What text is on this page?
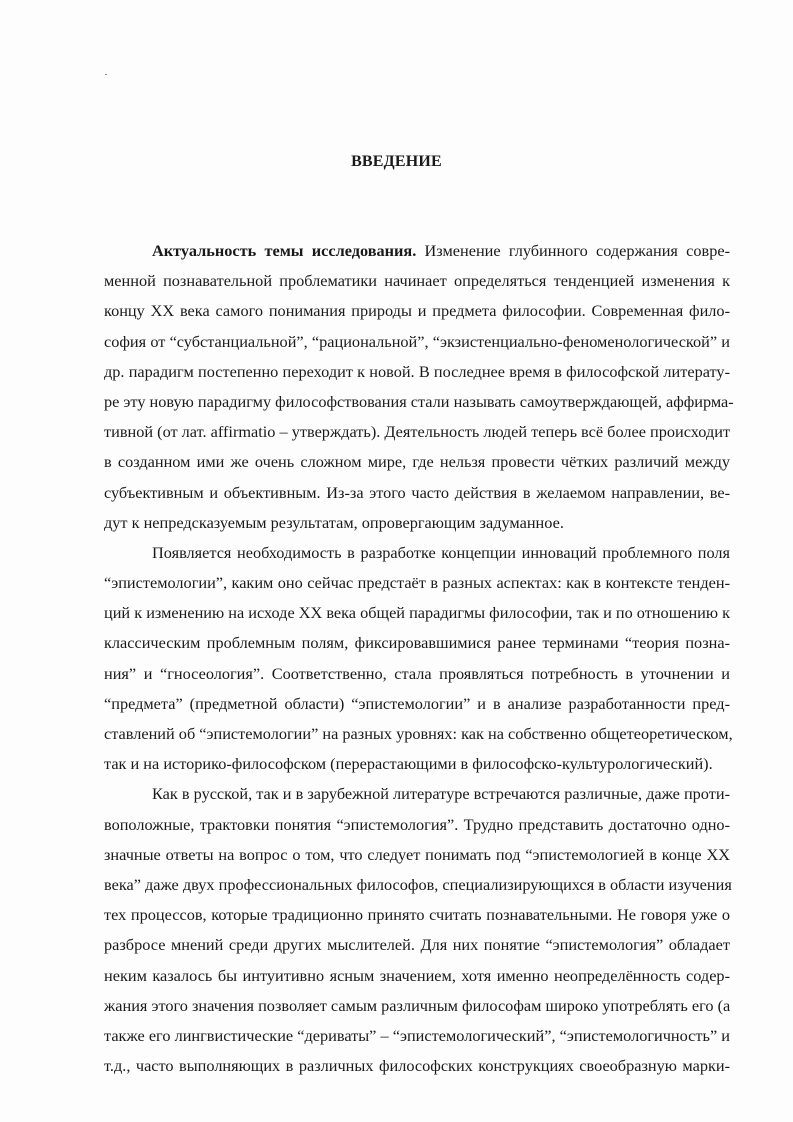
ВВЕДЕНИЕ
Актуальность темы исследования. Изменение глубинного содержания совре-
менной познавательной проблематики начинает определяться тенденцией изменения к
концу XX века самого понимания природы и предмета философии. Современная фило-
софия от “субстанциальной”, “рациональной”, “экзистенциально-феноменологической” и
др. парадигм постепенно переходит к новой. В последнее время в философской литерату-
ре эту новую парадигму философствования стали называть самоутверждающей, аффирма-
тивной (от лат. affirmatio – утверждать). Деятельность людей теперь всё более происходит
в созданном ими же очень сложном мире, где нельзя провести чётких различий между
субъективным и объективным. Из-за этого часто действия в желаемом направлении, ве-
дут к непредсказуемым результатам, опровергающим задуманное.
Появляется необходимость в разработке концепции инноваций проблемного поля
“эпистемологии”, каким оно сейчас предстаёт в разных аспектах: как в контексте тенден-
ций к изменению на исходе XX века общей парадигмы философии, так и по отношению к
классическим проблемным полям, фиксировавшимися ранее терминами “теория позна-
ния” и “гносеология”. Соответственно, стала проявляться потребность в уточнении и
“предмета” (предметной области) “эпистемологии” и в анализе разработанности пред-
ставлений об “эпистемологии” на разных уровнях: как на собственно общетеоретическом,
так и на историко-философском (перерастающими в философско-культурологический).
Как в русской, так и в зарубежной литературе встречаются различные, даже проти-
воположные, трактовки понятия “эпистемология”. Трудно представить достаточно одно-
значные ответы на вопрос о том, что следует понимать под “эпистемологией в конце XX
века” даже двух профессиональных философов, специализирующихся в области изучения
тех процессов, которые традиционно принято считать познавательными. Не говоря уже о
разбросе мнений среди других мыслителей. Для них понятие “эпистемология” обладает
неким казалось бы интуитивно ясным значением, хотя именно неопределённость содер-
жания этого значения позволяет самым различным философам широко употреблять его (а
также его лингвистические “дериваты” – “эпистемологический”, “эпистемологичность” и
т.д., часто выполняющих в различных философских конструкциях своеобразную марки-
